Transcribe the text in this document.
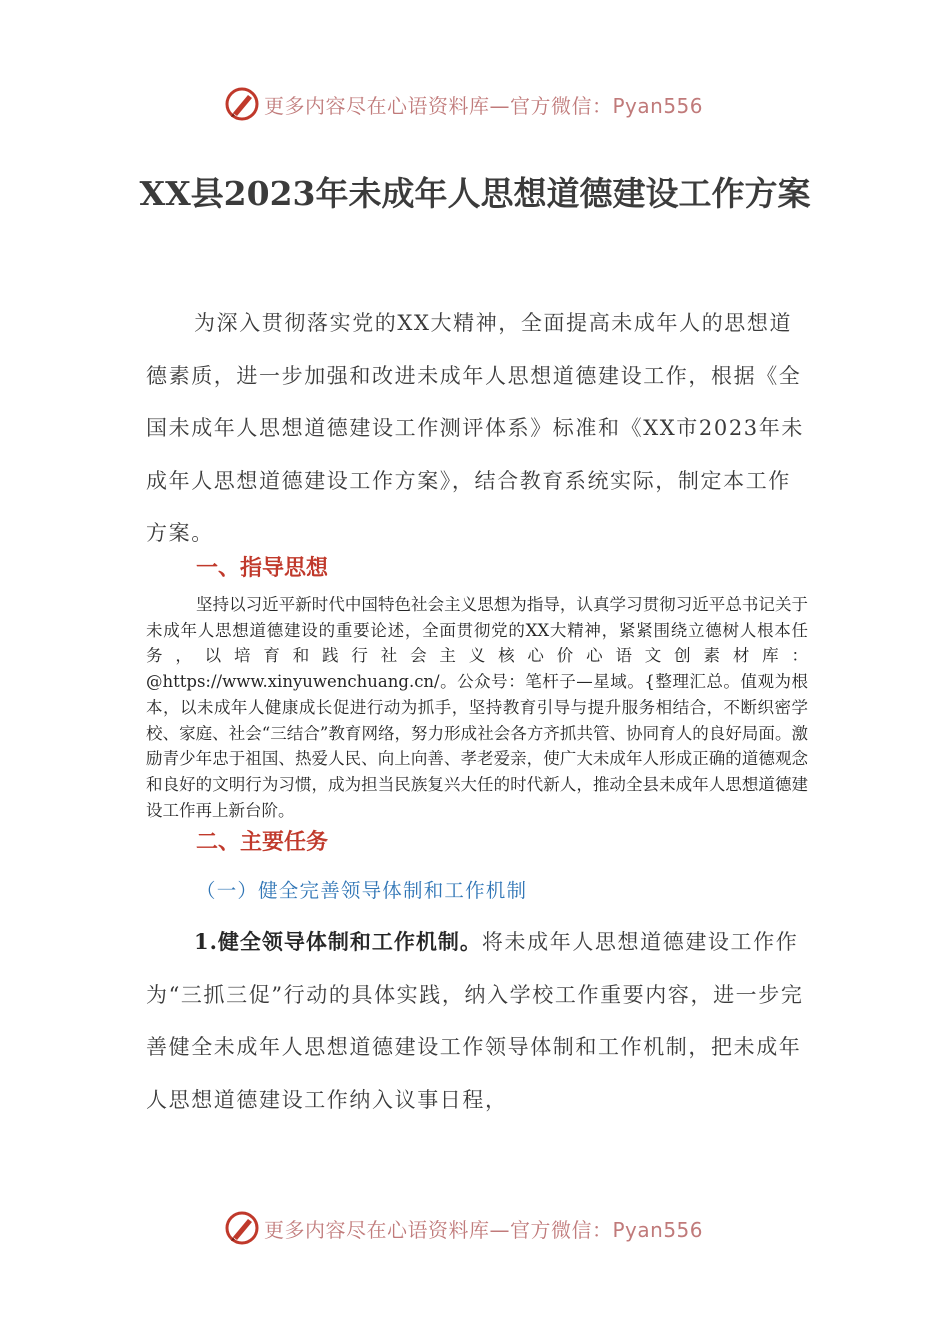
更多内容尽在心语资料库—官方微信：Pyan556
XX县2023年未成年人思想道德建设工作方案

为深入贯彻落实党的XX大精神，全面提高未成年人的思想道德素质，进一步加强和改进未成年人思想道德建设工作，根据《全国未成年人思想道德建设工作测评体系》标准和《XX市2023年未成年人思想道德建设工作方案》，结合教育系统实际，制定本工作方案。

一、指导思想

坚持以习近平新时代中国特色社会主义思想为指导，认真学习贯彻习近平总书记关于未成年人思想道德建设的重要论述，全面贯彻党的XX大精神，紧紧围绕立德树人根本任务，以培育和践行社会主义核心价心语文创素材库：@https://www.xinyuwenchuang.cn/。公众号：笔杆子—星域。{整理汇总。值观为根本，以未成年人健康成长促进行动为抓手，坚持教育引导与提升服务相结合，不断织密学校、家庭、社会“三结合”教育网络，努力形成社会各方齐抓共管、协同育人的良好局面。激励青少年忠于祖国、热爱人民、向上向善、孝老爱亲，使广大未成年人形成正确的道德观念和良好的文明行为习惯，成为担当民族复兴大任的时代新人，推动全县未成年人思想道德建设工作再上新台阶。

二、主要任务
（一）健全完善领导体制和工作机制

1.健全领导体制和工作机制。将未成年人思想道德建设工作作为“三抓三促”行动的具体实践，纳入学校工作重要内容，进一步完善健全未成年人思想道德建设工作领导体制和工作机制，把未成年人思想道德建设工作纳入议事日程，

更多内容尽在心语资料库—官方微信：Pyan556
